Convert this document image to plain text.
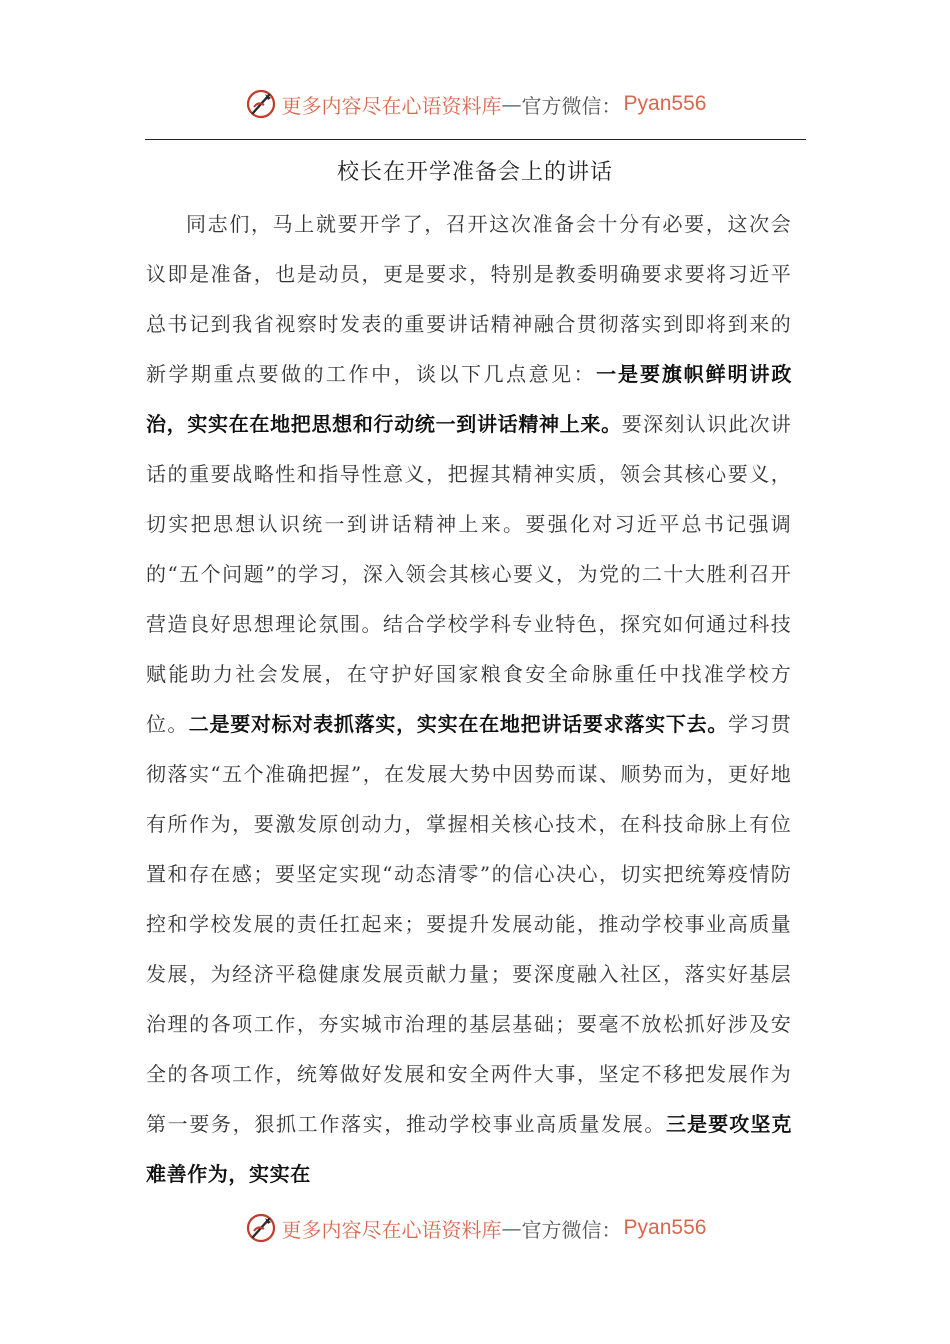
更多内容尽在心语资料库 — 官方微信： Pyan556
校长在开学准备会上的讲话

同志们，马上就要开学了，召开这次准备会十分有必要，这次会议即是准备，也是动员，更是要求，特别是教委明确要求要将习近平总书记到我省视察时发表的重要讲话精神融合贯彻落实到即将到来的新学期重点要做的工作中，谈以下几点意见：一是要旗帜鲜明讲政治，实实在在地把思想和行动统一到讲话精神上来。要深刻认识此次讲话的重要战略性和指导性意义，把握其精神实质，领会其核心要义，切实把思想认识统一到讲话精神上来。要强化对习近平总书记强调的“五个问题”的学习，深入领会其核心要义，为党的二十大胜利召开营造良好思想理论氛围。结合学校学科专业特色，探究如何通过科技赋能助力社会发展，在守护好国家粮食安全命脉重任中找准学校方位。二是要对标对表抓落实，实实在在地把讲话要求落实下去。学习贯彻落实“五个准确把握”，在发展大势中因势而谋、顺势而为，更好地有所作为，要激发原创动力，掌握相关核心技术，在科技命脉上有位置和存在感；要坚定实现“动态清零”的信心决心，切实把统筹疫情防控和学校发展的责任扛起来；要提升发展动能，推动学校事业高质量发展，为经济平稳健康发展贡献力量；要深度融入社区，落实好基层治理的各项工作，夯实城市治理的基层基础；要毫不放松抓好涉及安全的各项工作，统筹做好发展和安全两件大事，坚定不移把发展作为第一要务，狠抓工作落实，推动学校事业高质量发展。三是要攻坚克难善作为，实实在

更多内容尽在心语资料库 — 官方微信： Pyan556
